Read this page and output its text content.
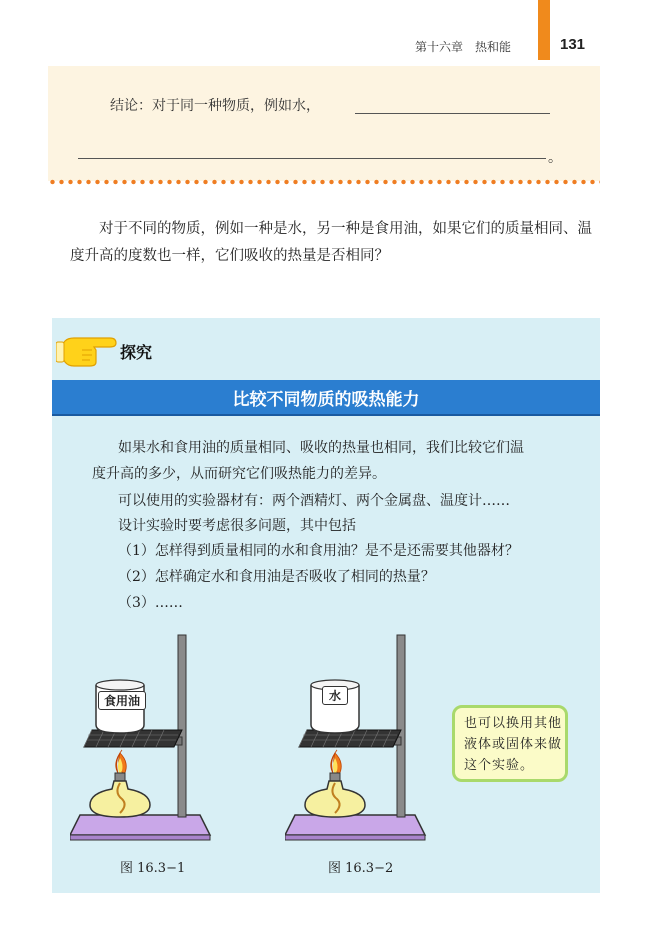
第十六章　热和能	131
结论：对于同一种物质，例如水，
。

对于不同的物质，例如一种是水，另一种是食用油，如果它们的质量相同、温度升高的度数也一样，它们吸收的热量是否相同？

探究
比较不同物质的吸热能力
如果水和食用油的质量相同、吸收的热量也相同，我们比较它们温
度升高的多少，从而研究它们吸热能力的差异。
可以使用的实验器材有：两个酒精灯、两个金属盘、温度计……
设计实验时要考虑很多问题，其中包括
（1）怎样得到质量相同的水和食用油？是不是还需要其他器材？
（2）怎样确定水和食用油是否吸收了相同的热量？
（3）……
食用油
图 16.3−1
水
图 16.3−2
也可以换用其他液体或固体来做这个实验。
